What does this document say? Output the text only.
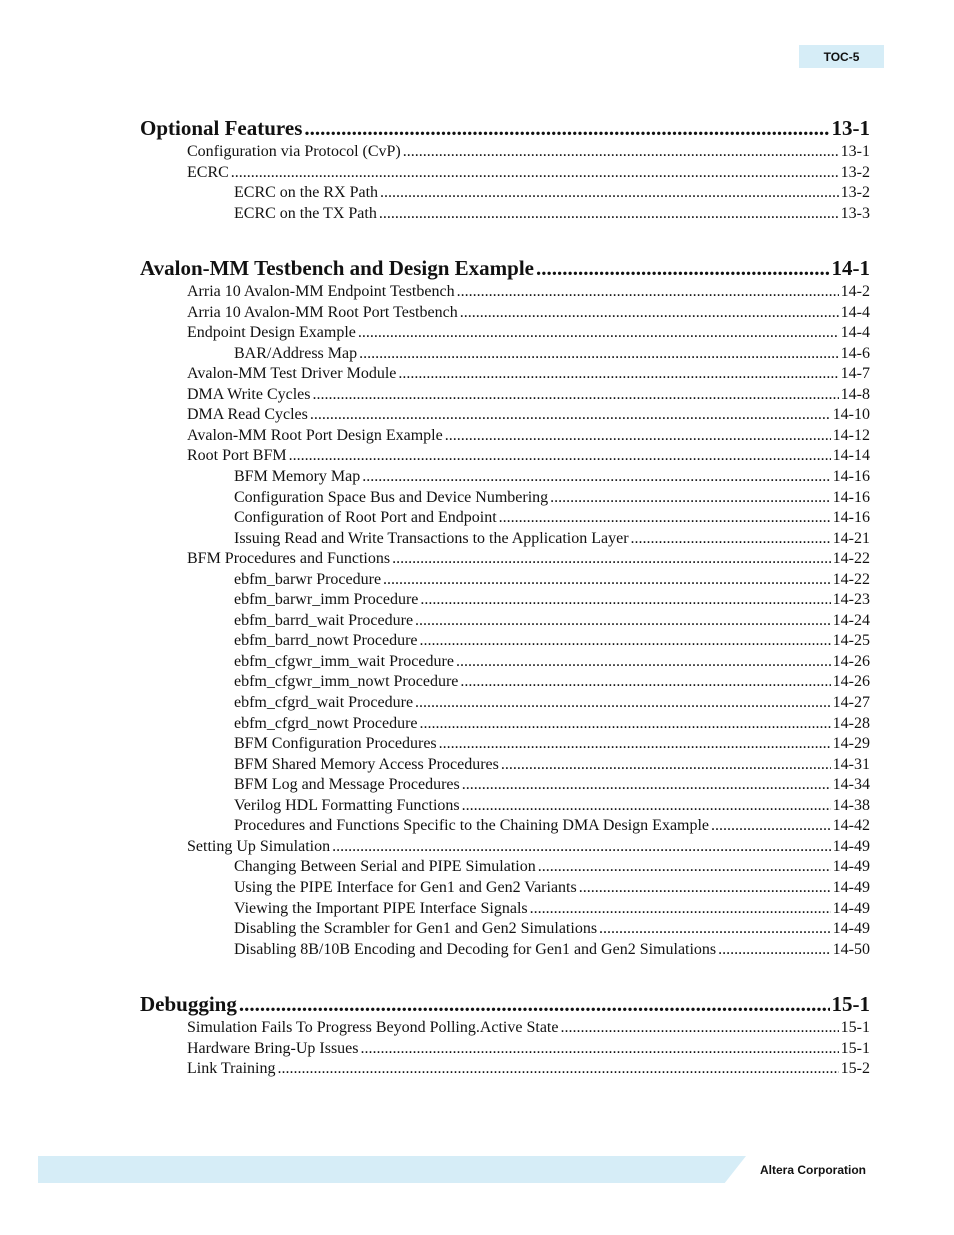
TOC-5
Optional Features .....	13-1
Configuration via Protocol (CvP) .....	13-1
ECRC .....	13-2
ECRC on the RX Path .....	13-2
ECRC on the TX Path .....	13-3
Avalon-MM Testbench and Design Example .....	14-1
Arria 10 Avalon-MM Endpoint Testbench .....	14-2
Arria 10 Avalon-MM Root Port Testbench .....	14-4
Endpoint Design Example .....	14-4
BAR/Address Map .....	14-6
Avalon-MM Test Driver Module .....	14-7
DMA Write Cycles .....	14-8
DMA Read Cycles .....	14-10
Avalon-MM Root Port Design Example .....	14-12
Root Port BFM .....	14-14
BFM Memory Map .....	14-16
Configuration Space Bus and Device Numbering .....	14-16
Configuration of Root Port and Endpoint .....	14-16
Issuing Read and Write Transactions to the Application Layer .....	14-21
BFM Procedures and Functions .....	14-22
ebfm_barwr Procedure .....	14-22
ebfm_barwr_imm Procedure .....	14-23
ebfm_barrd_wait Procedure .....	14-24
ebfm_barrd_nowt Procedure .....	14-25
ebfm_cfgwr_imm_wait Procedure .....	14-26
ebfm_cfgwr_imm_nowt Procedure .....	14-26
ebfm_cfgrd_wait Procedure .....	14-27
ebfm_cfgrd_nowt Procedure .....	14-28
BFM Configuration Procedures .....	14-29
BFM Shared Memory Access Procedures .....	14-31
BFM Log and Message Procedures .....	14-34
Verilog HDL Formatting Functions .....	14-38
Procedures and Functions Specific to the Chaining DMA Design Example .....	14-42
Setting Up Simulation .....	14-49
Changing Between Serial and PIPE Simulation .....	14-49
Using the PIPE Interface for Gen1 and Gen2 Variants .....	14-49
Viewing the Important PIPE Interface Signals .....	14-49
Disabling the Scrambler for Gen1 and Gen2 Simulations .....	14-49
Disabling 8B/10B Encoding and Decoding for Gen1 and Gen2 Simulations .....	14-50
Debugging .....	15-1
Simulation Fails To Progress Beyond Polling.Active State .....	15-1
Hardware Bring-Up Issues .....	15-1
Link Training .....	15-2
Altera Corporation
